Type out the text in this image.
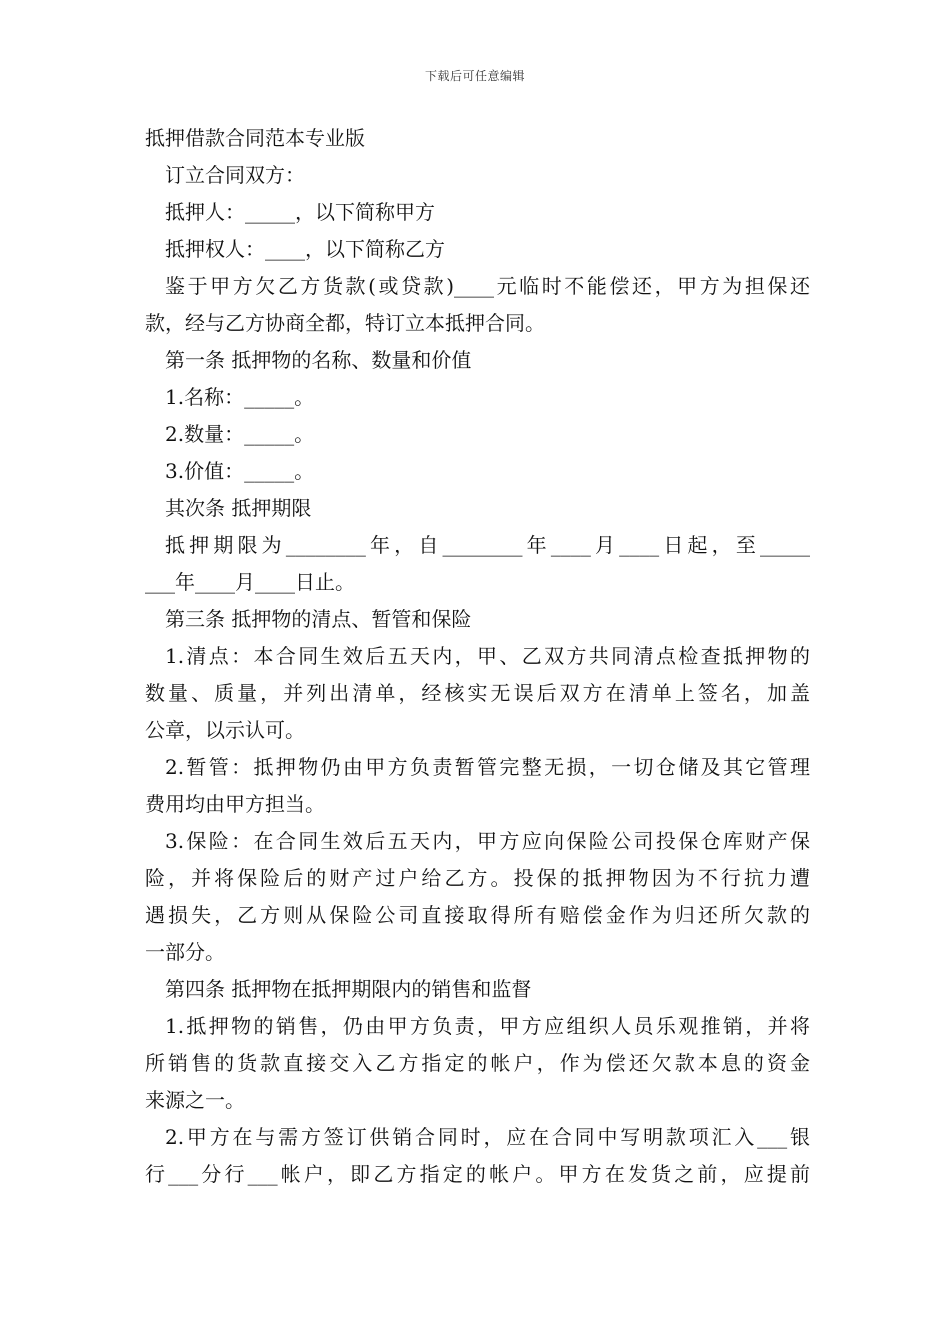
下载后可任意编辑
抵押借款合同范本专业版
订立合同双方：
抵押人：_____，以下简称甲方
抵押权人：____，以下简称乙方
鉴于甲方欠乙方货款(或贷款)____元临时不能偿还，甲方为担保还
款，经与乙方协商全都，特订立本抵押合同。
第一条 抵押物的名称、数量和价值
1.名称：_____。
2.数量：_____。
3.价值：_____。
其次条 抵押期限
抵押期限为________年，自________年____月____日起，至_____
___年____月____日止。
第三条 抵押物的清点、暂管和保险
1.清点：本合同生效后五天内，甲、乙双方共同清点检查抵押物的
数量、质量，并列出清单，经核实无误后双方在清单上签名，加盖
公章，以示认可。
2.暂管：抵押物仍由甲方负责暂管完整无损，一切仓储及其它管理
费用均由甲方担当。
3.保险：在合同生效后五天内，甲方应向保险公司投保仓库财产保
险，并将保险后的财产过户给乙方。投保的抵押物因为不行抗力遭
遇损失，乙方则从保险公司直接取得所有赔偿金作为归还所欠款的
一部分。
第四条 抵押物在抵押期限内的销售和监督
1.抵押物的销售，仍由甲方负责，甲方应组织人员乐观推销，并将
所销售的货款直接交入乙方指定的帐户，作为偿还欠款本息的资金
来源之一。
2.甲方在与需方签订供销合同时，应在合同中写明款项汇入___银
行___分行___帐户，即乙方指定的帐户。甲方在发货之前，应提前
